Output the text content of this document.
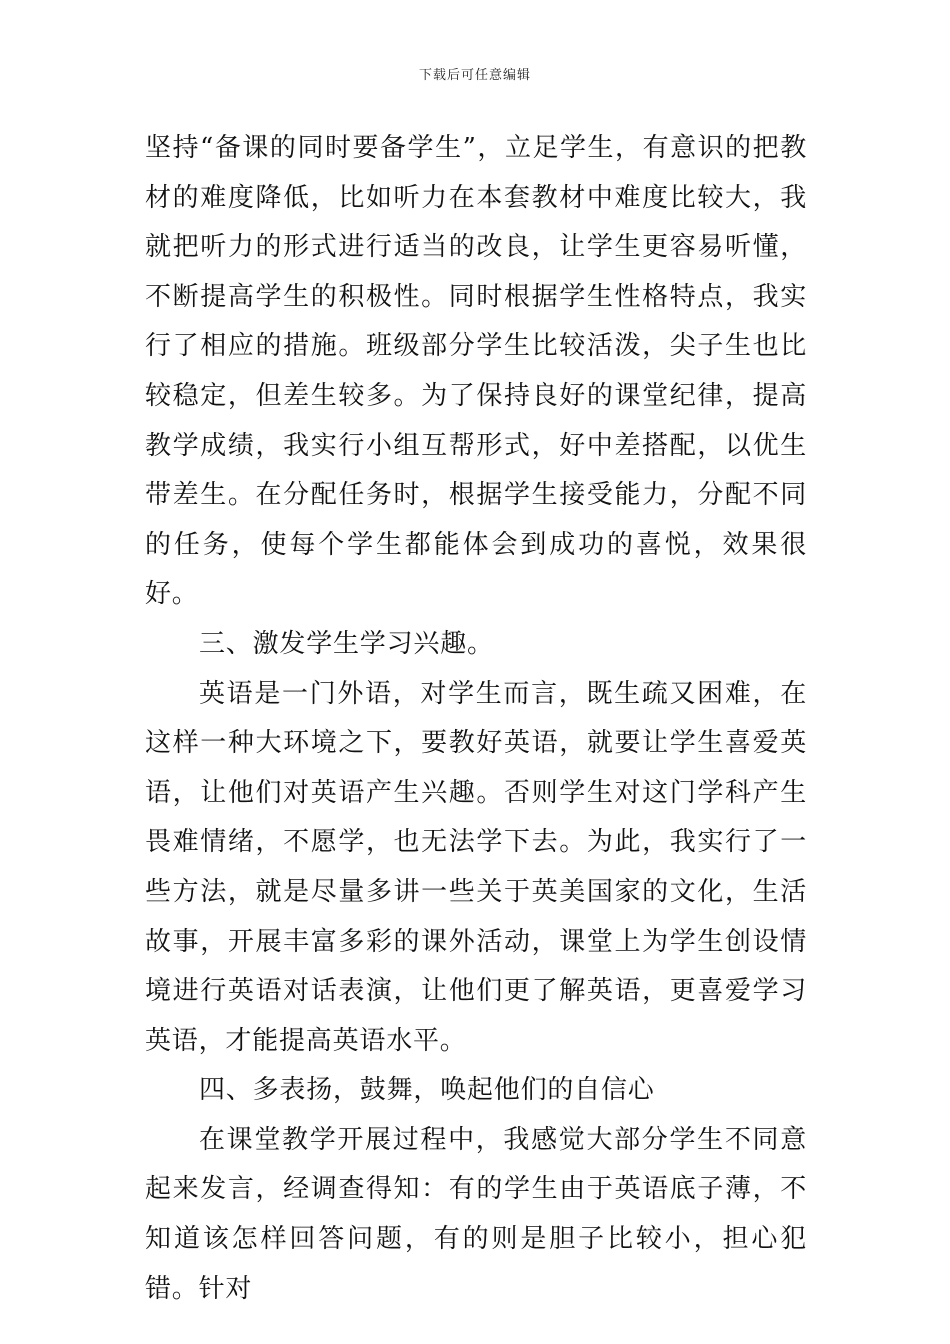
下载后可任意编辑

坚持“备课的同时要备学生”，立足学生，有意识的把教材的难度降低，比如听力在本套教材中难度比较大，我就把听力的形式进行适当的改良，让学生更容易听懂，不断提高学生的积极性。同时根据学生性格特点，我实行了相应的措施。班级部分学生比较活泼，尖子生也比较稳定，但差生较多。为了保持良好的课堂纪律，提高教学成绩，我实行小组互帮形式，好中差搭配，以优生带差生。在分配任务时，根据学生接受能力，分配不同的任务，使每个学生都能体会到成功的喜悦，效果很好。

三、激发学生学习兴趣。

英语是一门外语，对学生而言，既生疏又困难，在这样一种大环境之下，要教好英语，就要让学生喜爱英语，让他们对英语产生兴趣。否则学生对这门学科产生畏难情绪，不愿学，也无法学下去。为此，我实行了一些方法，就是尽量多讲一些关于英美国家的文化，生活故事，开展丰富多彩的课外活动，课堂上为学生创设情境进行英语对话表演，让他们更了解英语，更喜爱学习英语，才能提高英语水平。

四、多表扬，鼓舞，唤起他们的自信心

在课堂教学开展过程中，我感觉大部分学生不同意起来发言，经调查得知：有的学生由于英语底子薄，不知道该怎样回答问题，有的则是胆子比较小，担心犯错。针对
